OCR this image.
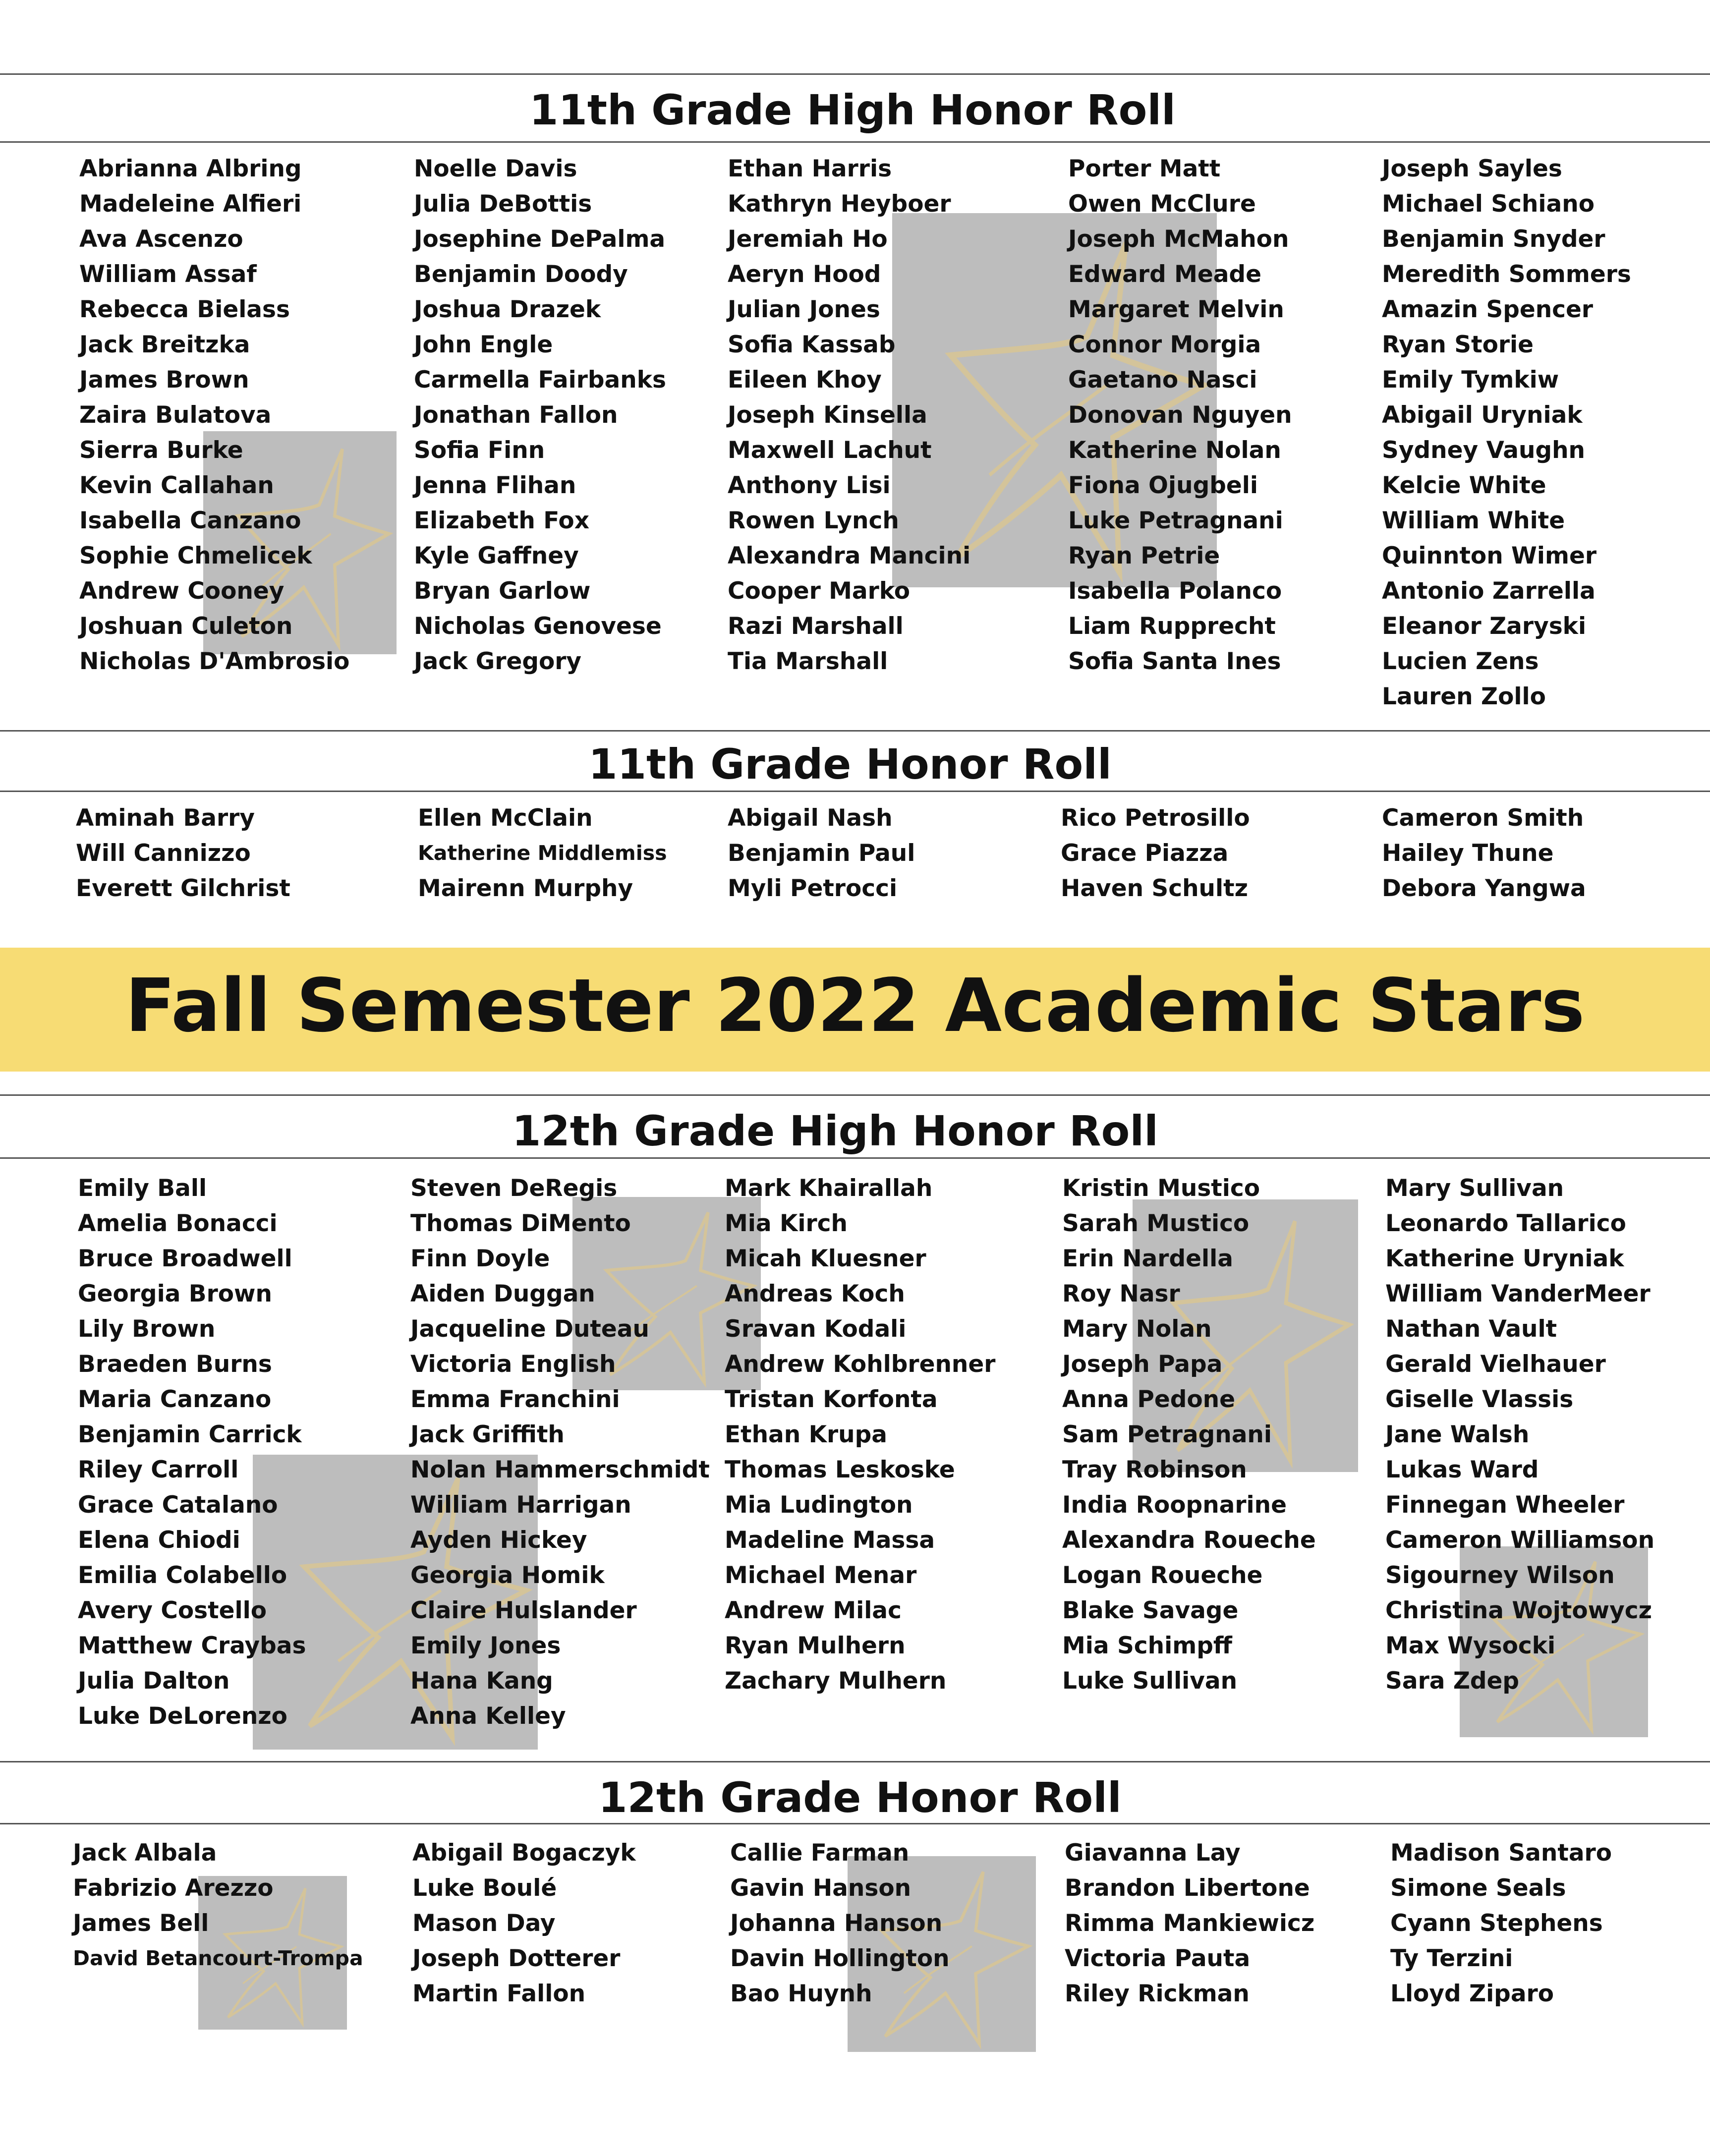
11th Grade High Honor Roll
11th Grade Honor Roll
Fall Semester 2022 Academic Stars
12th Grade High Honor Roll
12th Grade Honor Roll
Abrianna Albring
Madeleine Alfieri
Ava Ascenzo
William Assaf
Rebecca Bielass
Jack Breitzka
James Brown
Zaira Bulatova
Sierra Burke
Kevin Callahan
Isabella Canzano
Sophie Chmelicek
Andrew Cooney
Joshuan Culeton
Nicholas D'Ambrosio
Noelle Davis
Julia DeBottis
Josephine DePalma
Benjamin Doody
Joshua Drazek
John Engle
Carmella Fairbanks
Jonathan Fallon
Sofia Finn
Jenna Flihan
Elizabeth Fox
Kyle Gaffney
Bryan Garlow
Nicholas Genovese
Jack Gregory
Ethan Harris
Kathryn Heyboer
Jeremiah Ho
Aeryn Hood
Julian Jones
Sofia Kassab
Eileen Khoy
Joseph Kinsella
Maxwell Lachut
Anthony Lisi
Rowen Lynch
Alexandra Mancini
Cooper Marko
Razi Marshall
Tia Marshall
Porter Matt
Owen McClure
Joseph McMahon
Edward Meade
Margaret Melvin
Connor Morgia
Gaetano Nasci
Donovan Nguyen
Katherine Nolan
Fiona Ojugbeli
Luke Petragnani
Ryan Petrie
Isabella Polanco
Liam Rupprecht
Sofia Santa Ines
Joseph Sayles
Michael Schiano
Benjamin Snyder
Meredith Sommers
Amazin Spencer
Ryan Storie
Emily Tymkiw
Abigail Uryniak
Sydney Vaughn
Kelcie White
William White
Quinnton Wimer
Antonio Zarrella
Eleanor Zaryski
Lucien Zens
Lauren Zollo
Aminah Barry
Will Cannizzo
Everett Gilchrist
Ellen McClain
Katherine Middlemiss
Mairenn Murphy
Abigail Nash
Benjamin Paul
Myli Petrocci
Rico Petrosillo
Grace Piazza
Haven Schultz
Cameron Smith
Hailey Thune
Debora Yangwa
Emily Ball
Amelia Bonacci
Bruce Broadwell
Georgia Brown
Lily Brown
Braeden Burns
Maria Canzano
Benjamin Carrick
Riley Carroll
Grace Catalano
Elena Chiodi
Emilia Colabello
Avery Costello
Matthew Craybas
Julia Dalton
Luke DeLorenzo
Steven DeRegis
Thomas DiMento
Finn Doyle
Aiden Duggan
Jacqueline Duteau
Victoria English
Emma Franchini
Jack Griffith
Nolan Hammerschmidt
William Harrigan
Ayden Hickey
Georgia Homik
Claire Hulslander
Emily Jones
Hana Kang
Anna Kelley
Mark Khairallah
Mia Kirch
Micah Kluesner
Andreas Koch
Sravan Kodali
Andrew Kohlbrenner
Tristan Korfonta
Ethan Krupa
Thomas Leskoske
Mia Ludington
Madeline Massa
Michael Menar
Andrew Milac
Ryan Mulhern
Zachary Mulhern
Kristin Mustico
Sarah Mustico
Erin Nardella
Roy Nasr
Mary Nolan
Joseph Papa
Anna Pedone
Sam Petragnani
Tray Robinson
India Roopnarine
Alexandra Roueche
Logan Roueche
Blake Savage
Mia Schimpff
Luke Sullivan
Mary Sullivan
Leonardo Tallarico
Katherine Uryniak
William VanderMeer
Nathan Vault
Gerald Vielhauer
Giselle Vlassis
Jane Walsh
Lukas Ward
Finnegan Wheeler
Cameron Williamson
Sigourney Wilson
Christina Wojtowycz
Max Wysocki
Sara Zdep
Jack Albala
Fabrizio Arezzo
James Bell
David Betancourt-Trompa
Abigail Bogaczyk
Luke Boulé
Mason Day
Joseph Dotterer
Martin Fallon
Callie Farman
Gavin Hanson
Johanna Hanson
Davin Hollington
Bao Huynh
Giavanna Lay
Brandon Libertone
Rimma Mankiewicz
Victoria Pauta
Riley Rickman
Madison Santaro
Simone Seals
Cyann Stephens
Ty Terzini
Lloyd Ziparo
